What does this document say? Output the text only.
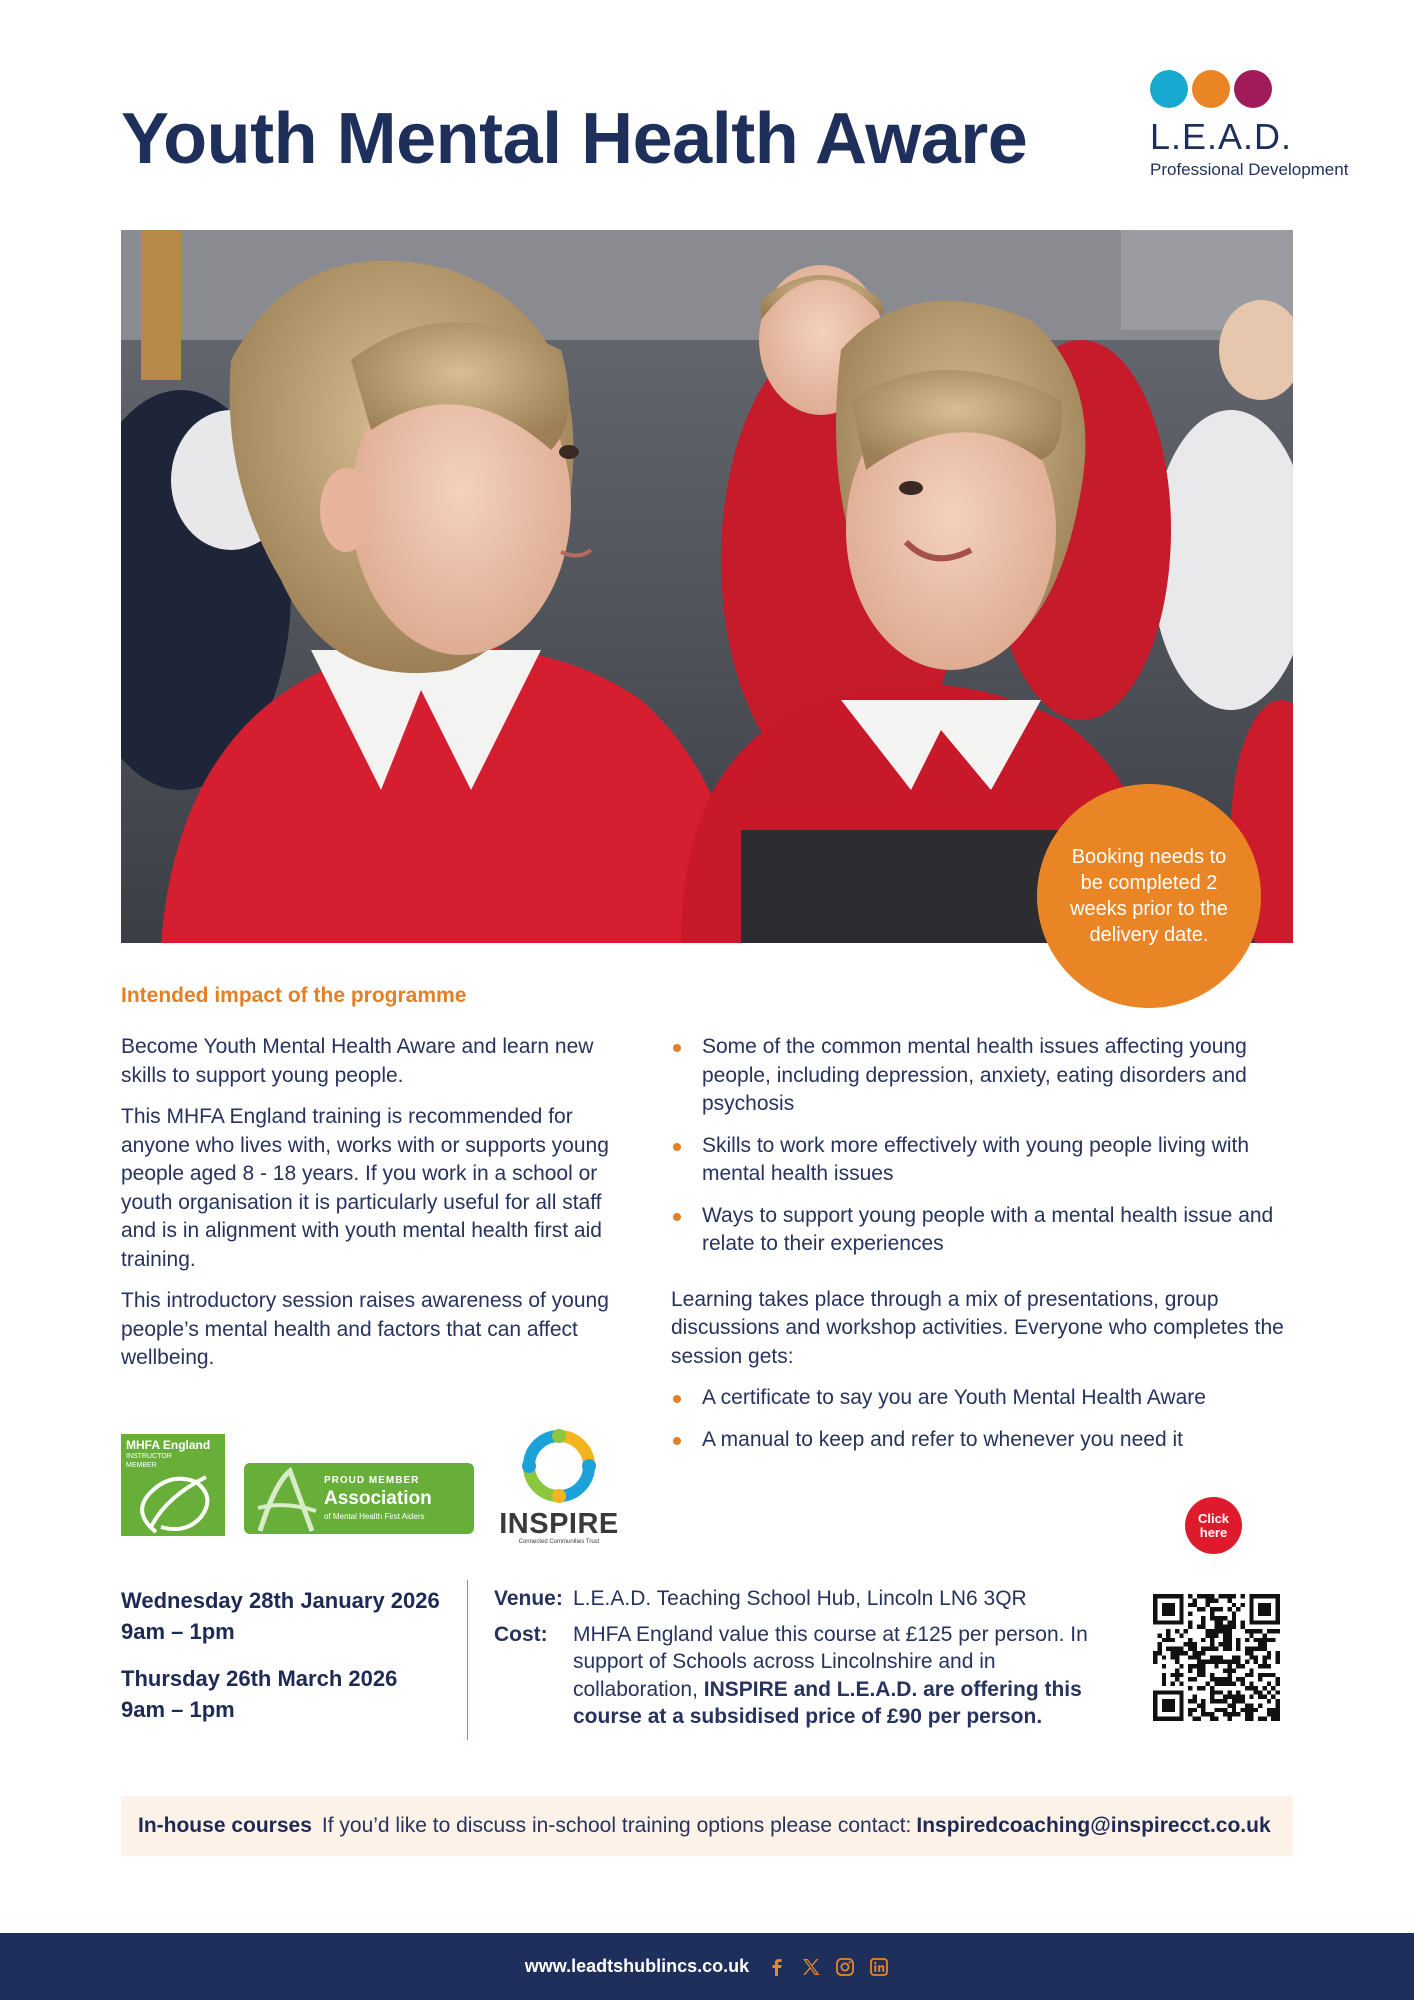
Youth Mental Health Aware	L.E.A.D.
Professional Development
Booking needs to be completed 2 weeks prior to the delivery date.
Intended impact of the programme

Become Youth Mental Health Aware and learn new skills to support young people.

This MHFA England training is recommended for anyone who lives with, works with or supports young people aged 8 - 18 years. If you work in a school or youth organisation it is particularly useful for all staff and is in alignment with youth mental health first aid training.

This introductory session raises awareness of young people’s mental health and factors that can affect wellbeing.

Some of the common mental health issues affecting young people, including depression, anxiety, eating disorders and psychosis
Skills to work more effectively with young people living with mental health issues
Ways to support young people with a mental health issue and relate to their experiences

Learning takes place through a mix of presentations, group discussions and workshop activities. Everyone who completes the session gets:

A certificate to say you are Youth Mental Health Aware
A manual to keep and refer to whenever you need it
MHFA England
INSTRUCTOR
MEMBER
PROUD MEMBER
Association
of Mental Health First Aiders	INSPIRE
Connected Communities Trust
Click here
Wednesday 28th January 2026
9am – 1pm
Thursday 26th March 2026
9am – 1pm
Venue: L.E.A.D. Teaching School Hub, Lincoln LN6 3QR
Cost:	MHFA England value this course at £125 per person. In support of Schools across Lincolnshire and in collaboration, INSPIRE and L.E.A.D. are offering this course at a subsidised price of £90 per person.
In-house courses If you’d like to discuss in-school training options please contact: Inspiredcoaching@inspirecct.co.uk
www.leadtshublincs.co.uk
